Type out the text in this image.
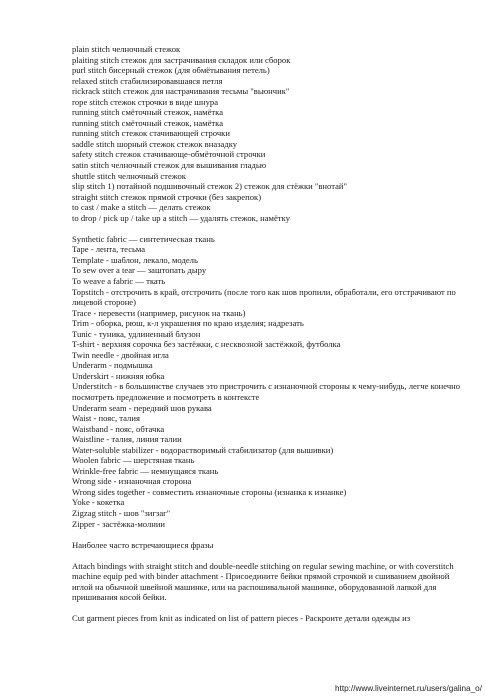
plain stitch челночный стежок
plaiting stitch стежок для застрачивания складок или сборок
purl stitch бисерный стежок (для обмётывания петель)
relaxed stitch стабилизировавшаяся петля
rickrack stitch стежок для настрачивания тесьмы "вьюнчик"
rope stitch стежок строчки в виде шнура
running stitch смёточный стежок, намётка
running stitch смёточный стежок, намётка
running stitch стежок стачивающей строчки
saddle stitch шорный стежок стежок вназадку
safety stitch стежок стачивающе-обмёточной строчки
satin stitch челночный стежок для вышивания гладью
shuttle stitch челночный стежок
slip stitch 1) потайной подшивочный стежок 2) стежок для стёжки "внотай"
straight stitch стежок прямой строчки (без закрепок)
to cast / make a stitch — делать стежок
to drop / pick up / take up a stitch — удалять стежок, намётку
Synthetic fabric — синтетическая ткань
Tape - лента, тесьма
Template - шаблон, лекало, модель
To sew over a tear — заштопать дыру
To weave a fabric — ткать
Topstitch - отстрочить в край, отстрочить (после того как шов пропили, обработали, его отстрачивают по лицевой стороне)
Trace - перевести (например, рисунок на ткань)
Trim - оборка, рюш, к-л украшения по краю изделия; надрезать
Tunic - туника, удлиненный блузон
T-shirt - верхняя сорочка без застёжки, с несквозной застёжкой, футболка
Twin needle - двойная игла
Underarm - подмышка
Underskirt - нижняя юбка
Understitch - в большинстве случаев это пристрочить с изнаночной стороны к чему-нибудь, легче конечно посмотреть предложение и посмотреть в контексте
Underarm seam - передний шов рукава
Waist - пояс, талия
Waistband - пояс, обтачка
Waistline - талия, линия талии
Water-soluble stabilizer - водорастворимый стабилизатор (для вышивки)
Woolen fabric — шерстяная ткань
Wrinkle-free fabric — немнущаяся ткань
Wrong side - изнаночная сторона
Wrong sides together - совместить изнаночные стороны (изнанка к изнанке)
Yoke - кокетка
Zigzag stitch - шов "зигзаг"
Zipper - застёжка-молнии
Наиболее часто встречающиеся фразы

Attach bindings with straight stitch and double-needle stitching on regular sewing machine, or with coverstitch machine equip ped with binder attachment - Присоедините бейки прямой строчкой и сшиванием двойной иглой на обычной швейной машинке, или на распошивальной машинке, оборудованной лапкой для пришивания косой бейки.

Cut garment pieces from knit as indicated on list of pattern pieces - Раскроите детали одежды из

http://www.liveinternet.ru/users/galina_o/
